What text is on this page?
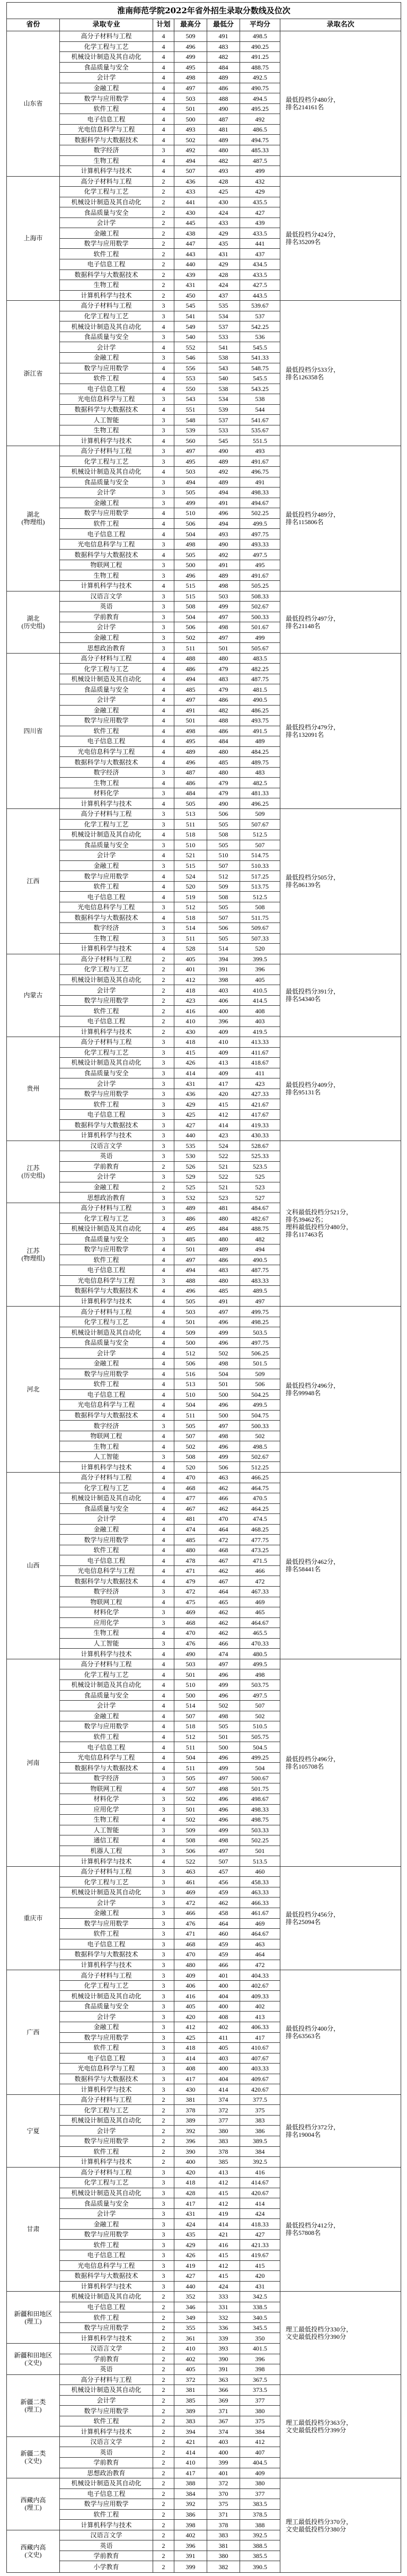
淮南师范学院2022年省外招生录取分数线及位次						
省份	录取专业	计划	最高分	最低分	平均分	录取名次
山东省	高分子材料与工程	4	509	491	498.5	最低投档分480分，
排名214161名
	化学工程与工艺	4	496	483	490.25	
	机械设计制造及其自动化	4	499	482	491.25	
	食品质量与安全	4	495	484	488.75	
	会计学	4	498	489	492.5	
	金融工程	4	497	486	490.75	
	数学与应用数学	4	503	488	494.5	
	软件工程	4	501	490	495.25	
	电子信息工程	4	500	487	492	
	光电信息科学与工程	4	493	481	486.5	
	数据科学与大数据技术	4	502	489	494.75	
	数字经济	3	492	480	485.33	
	生物工程	4	494	482	487.5	
	计算机科学与技术	4	507	493	499	
上海市	高分子材料与工程	2	436	428	432	最低投档分424分，
排名35209名
	化学工程与工艺	2	433	425	429	
	机械设计制造及其自动化	2	441	430	435.5	
	食品质量与安全	2	430	424	427	
	会计学	2	445	433	439	
	金融工程	2	438	429	433.5	
	数学与应用数学	2	447	435	441	
	软件工程	2	443	431	437	
	电子信息工程	2	440	429	434.5	
	数据科学与大数据技术	2	439	428	433.5	
	生物工程	2	431	424	427.5	
	计算机科学与技术	2	450	437	443.5	
浙江省	高分子材料与工程	3	545	535	539.67	最低投档分533分，
排名126358名
	化学工程与工艺	3	541	534	537	
	机械设计制造及其自动化	4	549	537	542.25	
	食品质量与安全	3	540	533	536	
	会计学	4	552	541	545.5	
	金融工程	3	546	538	541.33	
	数学与应用数学	4	556	543	548.75	
	软件工程	4	553	540	545.5	
	电子信息工程	4	550	538	543.25	
	光电信息科学与工程	3	543	534	538	
	数据科学与大数据技术	4	551	539	544	
	人工智能	3	548	537	541.67	
	生物工程	3	539	533	535.67	
	计算机科学与技术	4	560	545	551.5	
湖北
(物理组)	高分子材料与工程	3	497	490	493	最低投档分489分，
排名115806名
	化学工程与工艺	3	495	489	491.67	
	机械设计制造及其自动化	4	503	492	496.75	
	食品质量与安全	3	494	489	491	
	会计学	3	505	494	498.33	
	金融工程	3	499	491	494.67	
	数学与应用数学	4	510	496	502.25	
	软件工程	4	506	494	499.5	
	电子信息工程	4	504	493	497.75	
	光电信息科学与工程	3	498	490	493.33	
	数据科学与大数据技术	4	505	492	497.5	
	物联网工程	3	500	491	495	
	生物工程	3	496	489	491.67	
	计算机科学与技术	4	515	498	505.25	
湖北
(历史组)	汉语言文学	3	515	503	508.33	最低投档分497分，
排名21148名
	英语	3	508	499	502.67	
	学前教育	3	504	497	500.33	
	会计学	3	506	498	501.67	
	金融工程	3	502	497	499	
	思想政治教育	3	511	501	505.67	
四川省	高分子材料与工程	4	488	480	483.5	最低投档分479分，
排名132091名
	化学工程与工艺	4	486	479	482.25	
	机械设计制造及其自动化	4	494	483	487.75	
	食品质量与安全	4	485	479	481.5	
	会计学	4	497	486	490.5	
	金融工程	4	491	482	486.25	
	数学与应用数学	4	501	488	493.75	
	软件工程	4	498	486	491.5	
	电子信息工程	4	495	484	489	
	光电信息科学与工程	4	489	480	484.25	
	数据科学与大数据技术	4	496	485	489.75	
	数字经济	3	487	480	483	
	生物工程	4	486	479	482.5	
	材料化学	3	484	479	481.33	
	计算机科学与技术	4	505	490	496.25	
江西	高分子材料与工程	3	513	506	509	最低投档分505分，
排名86139名
	化学工程与工艺	3	511	505	507.67	
	机械设计制造及其自动化	4	518	508	512.5	
	食品质量与安全	3	510	505	507	
	会计学	4	521	510	514.75	
	金融工程	3	515	507	510.33	
	数学与应用数学	4	524	512	517.25	
	软件工程	4	520	509	513.75	
	电子信息工程	4	519	508	512.5	
	光电信息科学与工程	3	512	505	508	
	数据科学与大数据技术	4	518	507	511.75	
	数字经济	3	514	506	509.67	
	生物工程	3	511	505	507.33	
	计算机科学与技术	4	528	514	520	
内蒙古	高分子材料与工程	2	405	394	399.5	最低投档分391分，
排名54340名
	化学工程与工艺	2	401	391	396	
	机械设计制造及其自动化	2	412	398	405	
	会计学	2	418	403	410.5	
	数学与应用数学	2	423	406	414.5	
	软件工程	2	416	400	408	
	电子信息工程	2	410	396	403	
	计算机科学与技术	2	430	409	419.5	
贵州	高分子材料与工程	3	418	410	413.33	最低投档分409分，
排名95131名
	化学工程与工艺	3	415	409	411.67	
	机械设计制造及其自动化	3	426	413	418.67	
	食品质量与安全	3	414	409	411	
	会计学	3	431	417	423	
	数学与应用数学	3	436	420	427.33	
	软件工程	3	429	415	421.67	
	电子信息工程	3	425	412	417.67	
	数据科学与大数据技术	3	427	414	419.33	
	计算机科学与技术	3	440	423	430.33	
江苏
(历史组)	汉语言文学	3	535	524	528.67	文科最低投档分521分，
排名39462名；
理科最低投档分480分，
排名117463名
	英语	3	530	522	525.33	
	学前教育	2	526	521	523.5	
	会计学	3	529	522	525	
	金融工程	2	525	521	523	
	思想政治教育	3	532	523	527	
江苏
(物理组)	高分子材料与工程	3	489	481	484.67	
	化学工程与工艺	3	486	480	482.67	
	机械设计制造及其自动化	4	495	484	488.75	
	食品质量与安全	3	485	480	482	
	数学与应用数学	4	501	489	494	
	软件工程	4	497	486	490.5	
	电子信息工程	4	494	483	487.75	
	光电信息科学与工程	3	488	480	483.33	
	数据科学与大数据技术	4	496	485	489.5	
	计算机科学与技术	4	505	491	497	
河北	高分子材料与工程	4	503	497	499.75	最低投档分496分，
排名99948名
	化学工程与工艺	4	501	496	498.25	
	机械设计制造及其自动化	4	509	499	503.5	
	食品质量与安全	4	500	496	497.75	
	会计学	4	512	502	506.25	
	金融工程	4	506	498	501.5	
	数学与应用数学	4	516	504	509	
	软件工程	4	513	501	506	
	电子信息工程	4	510	500	504.25	
	光电信息科学与工程	4	504	496	499.5	
	数据科学与大数据技术	4	511	500	504.75	
	数字经济	3	505	497	500.33	
	物联网工程	4	507	498	502	
	生物工程	4	502	496	498.5	
	人工智能	3	508	499	502.67	
	计算机科学与技术	4	520	506	512.25	
山西	高分子材料与工程	4	470	463	466.25	最低投档分462分，
排名58441名
	化学工程与工艺	4	468	462	464.75	
	机械设计制造及其自动化	4	477	466	470.5	
	食品质量与安全	4	467	462	464.25	
	会计学	4	481	470	474.5	
	金融工程	4	474	464	468.25	
	数学与应用数学	4	485	472	477.75	
	软件工程	4	480	468	473.25	
	电子信息工程	4	478	467	471.5	
	光电信息科学与工程	4	471	462	466	
	数据科学与大数据技术	4	479	467	472	
	数字经济	3	472	464	467.33	
	物联网工程	4	475	465	469	
	材料化学	3	469	462	465	
	应用化学	3	468	462	464.67	
	生物工程	4	470	462	465.5	
	人工智能	3	476	466	470.33	
	计算机科学与技术	4	490	474	480.5	
河南	高分子材料与工程	4	503	497	499.5	最低投档分496分，
排名105708名
	化学工程与工艺	4	501	496	498	
	机械设计制造及其自动化	4	510	499	503.75	
	食品质量与安全	4	500	496	497.5	
	会计学	4	514	502	507	
	金融工程	4	507	498	502	
	数学与应用数学	4	518	505	510.5	
	软件工程	4	512	501	505.75	
	电子信息工程	4	511	500	504.5	
	光电信息科学与工程	4	504	496	499.25	
	数据科学与大数据技术	4	511	499	504	
	数字经济	3	505	497	500.67	
	物联网工程	4	507	498	501.75	
	材料化学	3	502	496	498.67	
	应用化学	3	501	496	498.33	
	生物工程	4	502	496	498.75	
	人工智能	3	509	499	503.33	
	通信工程	4	508	498	502.25	
	机器人工程	3	506	497	501	
	计算机科学与技术	4	522	507	513.5	
重庆市	高分子材料与工程	3	463	457	460	最低投档分456分，
排名25094名
	化学工程与工艺	3	461	456	458.33	
	机械设计制造及其自动化	3	469	459	463.33	
	会计学	3	472	462	466.33	
	金融工程	3	466	458	461.67	
	数学与应用数学	3	476	464	469	
	软件工程	3	471	460	464.67	
	电子信息工程	3	468	459	463	
	数据科学与大数据技术	3	470	459	464	
	计算机科学与技术	3	480	466	472	
广西	高分子材料与工程	3	409	401	404.33	最低投档分400分，
排名63563名
	化学工程与工艺	3	406	400	402.67	
	机械设计制造及其自动化	3	416	404	409.33	
	食品质量与安全	3	405	400	402	
	会计学	3	420	408	413	
	金融工程	3	412	402	406.33	
	数学与应用数学	3	425	411	417	
	软件工程	3	418	405	410.67	
	电子信息工程	3	414	403	407.67	
	光电信息科学与工程	3	408	400	403.33	
	数据科学与大数据技术	3	417	404	409.67	
	计算机科学与技术	3	430	414	420.67	
宁夏	高分子材料与工程	2	381	374	377.5	最低投档分372分，
排名19004名
	化学工程与工艺	2	378	372	375	
	机械设计制造及其自动化	2	389	377	383	
	会计学	2	392	380	386	
	数学与应用数学	2	396	383	389.5	
	软件工程	2	390	378	384	
	计算机科学与技术	2	400	385	392.5	
甘肃	高分子材料与工程	3	420	413	416	最低投档分412分，
排名57808名
	化学工程与工艺	3	418	412	414.67	
	机械设计制造及其自动化	3	428	415	420.67	
	食品质量与安全	3	417	412	414	
	会计学	3	431	419	424	
	金融工程	3	424	414	418.33	
	数学与应用数学	3	435	421	427	
	软件工程	3	429	416	421.33	
	电子信息工程	3	426	415	419.67	
	光电信息科学与工程	3	419	412	415	
	数据科学与大数据技术	3	427	415	420	
	计算机科学与技术	3	440	424	431	
新疆和田地区
(理工)	机械设计制造及其自动化	2	352	333	342.5	理工最低投档分330分，
文史最低投档分390分
	电子信息工程	2	346	331	338.5	
	软件工程	2	349	332	340.5	
	数学与应用数学	2	355	336	345.5	
	计算机科学与技术	2	361	339	350	
新疆和田地区
(文史)	汉语言文学	2	410	393	401.5	
	学前教育	2	402	390	396	
	英语	2	405	391	398	
新疆二类
(理工)	高分子材料与工程	2	372	363	367.5	理工最低投档分363分，
文史最低投档分399分
	机械设计制造及其自动化	2	381	366	373.5	
	会计学	2	385	369	377	
	数学与应用数学	2	389	371	380	
	软件工程	2	383	367	375	
	计算机科学与技术	2	394	374	384	
新疆二类
(文史)	汉语言文学	2	421	403	412	
	英语	2	414	400	407	
	学前教育	2	410	399	404.5	
	思想政治教育	2	417	401	409	
西藏内高
(理工)	机械设计制造及其自动化	2	388	372	380	理工最低投档分370分，
文史最低投档分380分
	电子信息工程	2	384	370	377	
	数学与应用数学	2	392	375	383.5	
	软件工程	2	386	371	378.5	
	计算机科学与技术	2	398	378	388	
西藏内高
(文史)	汉语言文学	2	402	383	392.5	
	英语	2	396	381	388.5	
	学前教育	2	391	380	385.5	
	小学教育	2	399	382	390.5	
